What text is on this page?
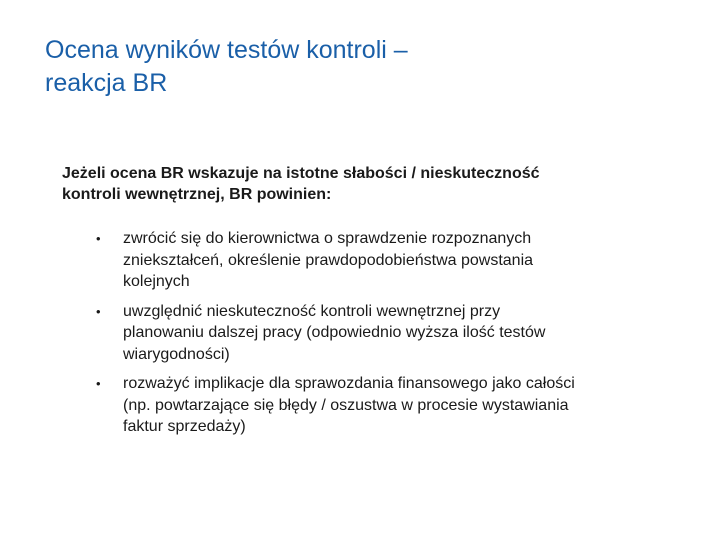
Ocena wyników testów kontroli –
reakcja BR

Jeżeli ocena BR wskazuje na istotne słabości / nieskuteczność
kontroli wewnętrznej, BR powinien:

• zwrócić się do kierownictwa o sprawdzenie rozpoznanych
zniekształceń, określenie prawdopodobieństwa powstania
kolejnych
• uwzględnić nieskuteczność kontroli wewnętrznej przy
planowaniu dalszej pracy (odpowiednio wyższa ilość testów
wiarygodności)
• rozważyć implikacje dla sprawozdania finansowego jako całości
(np. powtarzające się błędy / oszustwa w procesie wystawiania
faktur sprzedaży)
